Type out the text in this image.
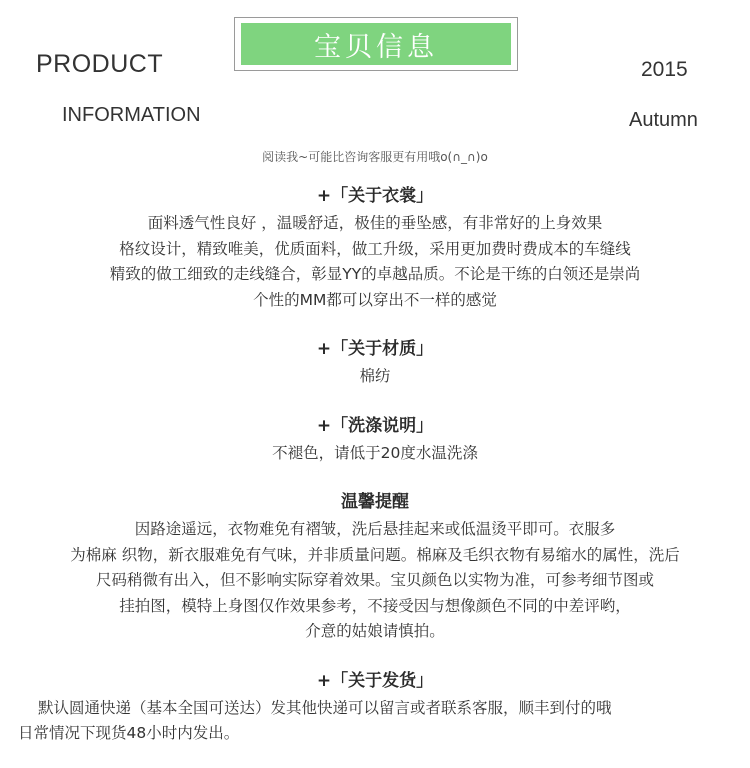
宝贝信息
PRODUCT
INFORMATION
2015
Autumn
阅读我~可能比咨询客服更有用哦o(∩_∩)o
+「关于衣裳」
面料透气性良好 ，温暖舒适，极佳的垂坠感，有非常好的上身效果
格纹设计，精致唯美，优质面料，做工升级，采用更加费时费成本的车缝线
精致的做工细致的走线缝合，彰显YY的卓越品质。不论是干练的白领还是崇尚
个性的MM都可以穿出不一样的感觉
+「关于材质」
棉纺
+「洗涤说明」
不褪色，请低于20度水温洗涤
温馨提醒
因路途遥远，衣物难免有褶皱，洗后悬挂起来或低温烫平即可。衣服多
为棉麻 织物，新衣服难免有气味，并非质量问题。棉麻及毛织衣物有易缩水的属性，洗后
尺码稍微有出入，但不影响实际穿着效果。宝贝颜色以实物为准，可参考细节图或
挂拍图，模特上身图仅作效果参考，不接受因与想像颜色不同的中差评哟，
介意的姑娘请慎拍。
+「关于发货」
默认圆通快递（基本全国可送达）发其他快递可以留言或者联系客服，顺丰到付的哦
日常情况下现货48小时内发出。
